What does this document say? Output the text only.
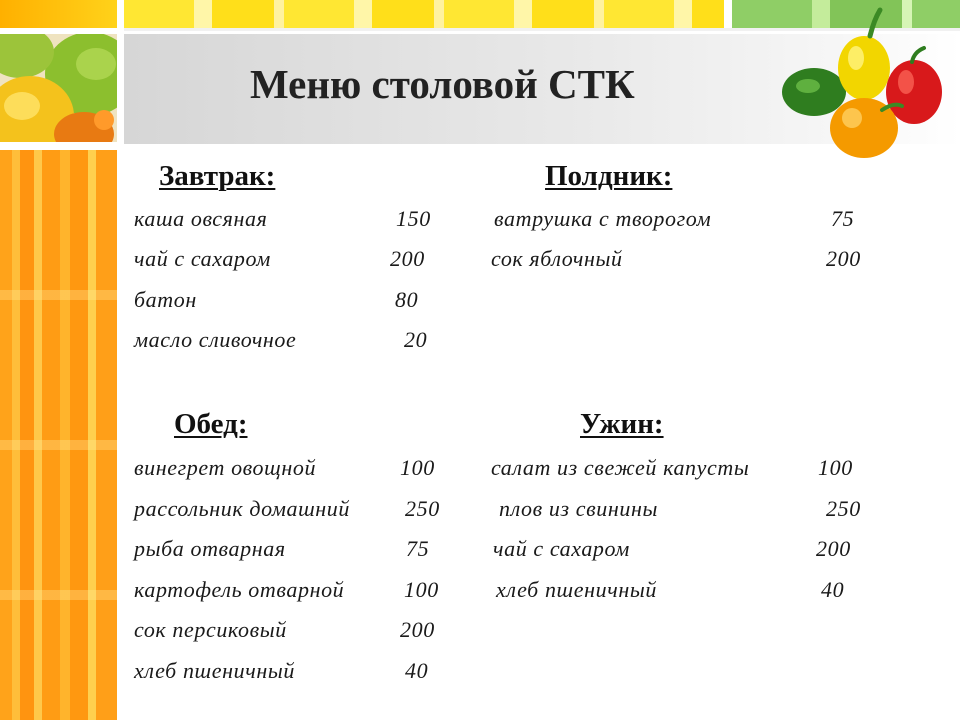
Меню столовой СТК
Завтрак:
каша овсяная	150
чай с сахаром	200
батон	80
масло сливочное	20
Полдник:
ватрушка с творогом	75
сок яблочный	200
Обед:
винегрет овощной	100
рассольник домашний	250
рыба отварная	75
картофель отварной	100
сок персиковый	200
хлеб пшеничный	40
Ужин:
салат из свежей капусты	100
плов из свинины	250
чай с сахаром	200
хлеб пшеничный	40
